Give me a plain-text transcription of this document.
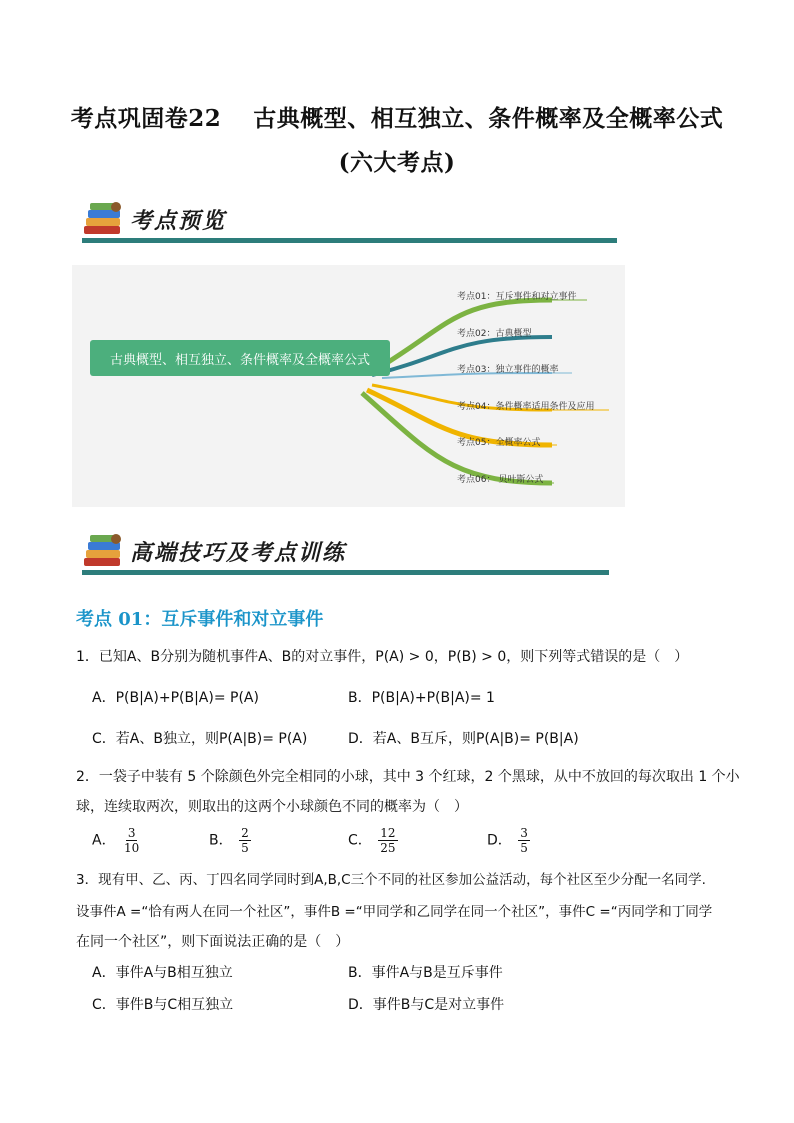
考点巩固卷22　 古典概型、相互独立、条件概率及全概率公式
(六大考点)
考点预览
古典概型、相互独立、条件概率及全概率公式
考点01：互斥事件和对立事件
考点02：古典概型
考点03：独立事件的概率
考点04：条件概率适用条件及应用
考点05：全概率公式
考点06： 贝叶斯公式
高端技巧及考点训练
考点 01：互斥事件和对立事件
1．已知A、B分别为随机事件A、B的对立事件，P(A) > 0，P(B) > 0，则下列等式错误的是（　）
A．P(B|A)+P(B|A)= P(A)	B．P(B|A)+P(B|A)= 1
C．若A、B独立，则P(A|B)= P(A)	D．若A、B互斥，则P(A|B)= P(B|A)
2．一袋子中装有 5 个除颜色外完全相同的小球，其中 3 个红球，2 个黑球，从中不放回的每次取出 1 个小
球，连续取两次，则取出的这两个小球颜色不同的概率为（　）
A． $\frac{3}{10}$	B． $\frac{2}{5}$	C． $\frac{12}{25}$	D． $\frac{3}{5}$
3．现有甲、乙、丙、丁四名同学同时到A,B,C三个不同的社区参加公益活动，每个社区至少分配一名同学.
设事件A =“恰有两人在同一个社区”，事件B =“甲同学和乙同学在同一个社区”，事件C =“丙同学和丁同学
在同一个社区”，则下面说法正确的是（　）
A．事件A与B相互独立	B．事件A与B是互斥事件
C．事件B与C相互独立	D．事件B与C是对立事件
